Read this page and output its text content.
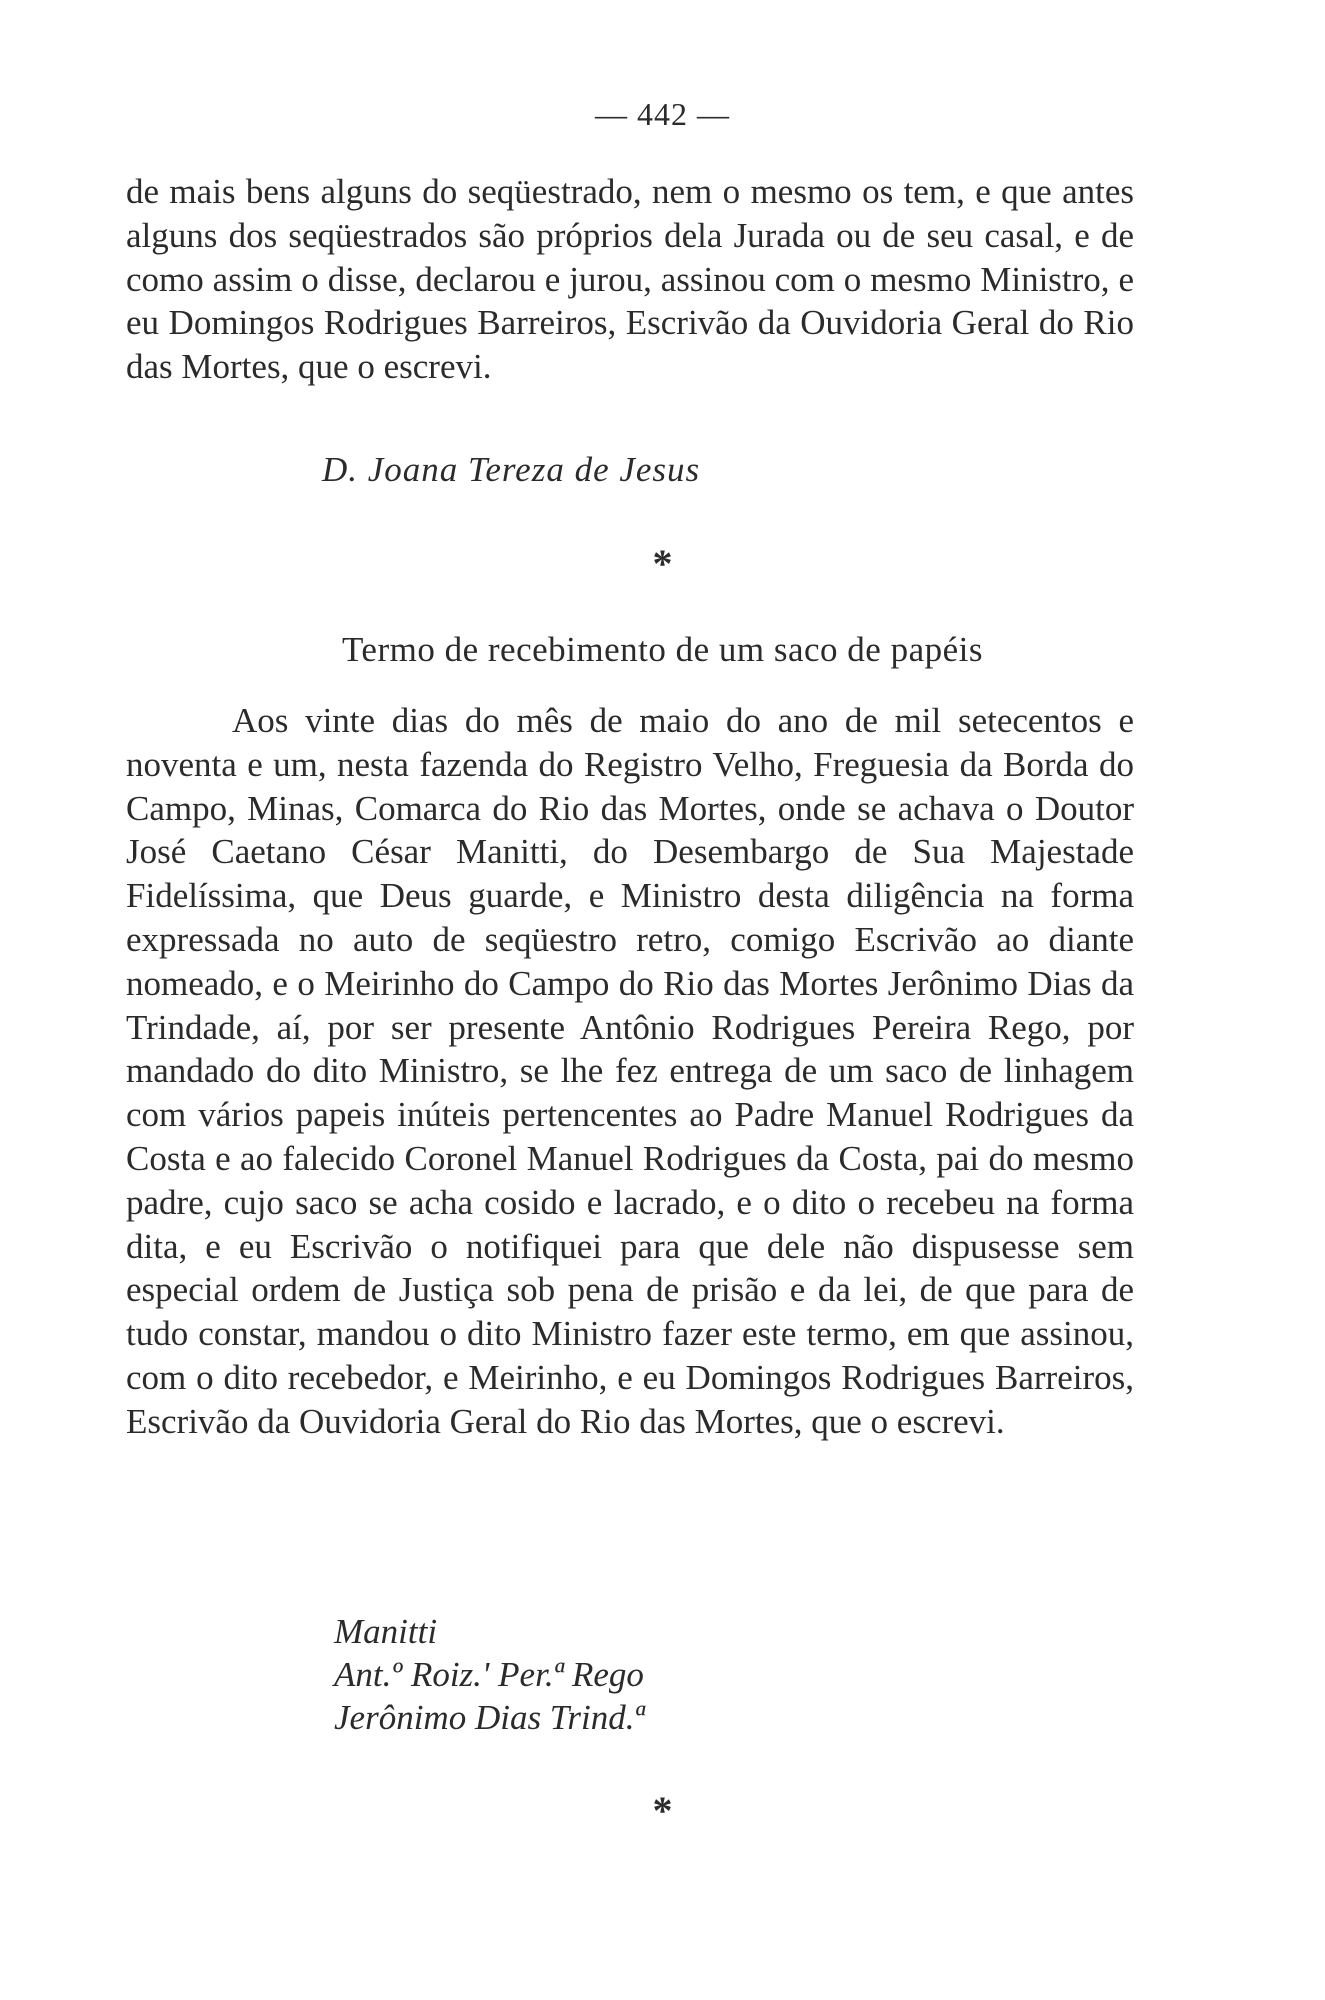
— 442 —

de mais bens alguns do seqüestrado, nem o mesmo os tem, e que antes alguns dos seqüestrados são próprios dela Jurada ou de seu casal, e de como assim o disse, declarou e jurou, assinou com o mesmo Ministro, e eu Domingos Rodrigues Barreiros, Escrivão da Ouvidoria Geral do Rio das Mortes, que o escrevi.

D. Joana Tereza de Jesus
*
Termo de recebimento de um saco de papéis

Aos vinte dias do mês de maio do ano de mil setecentos e noventa e um, nesta fazenda do Registro Velho, Freguesia da Borda do Campo, Minas, Comarca do Rio das Mortes, onde se achava o Doutor José Caetano César Manitti, do Desembargo de Sua Majestade Fidelíssima, que Deus guarde, e Ministro desta diligência na forma expressada no auto de seqüestro retro, comigo Escrivão ao diante nomeado, e o Meirinho do Campo do Rio das Mortes Jerônimo Dias da Trindade, aí, por ser presente Antônio Rodrigues Pereira Rego, por mandado do dito Ministro, se lhe fez entrega de um saco de linhagem com vários papeis inúteis pertencentes ao Padre Manuel Rodrigues da Costa e ao falecido Coronel Manuel Rodrigues da Costa, pai do mesmo padre, cujo saco se acha cosido e lacrado, e o dito o recebeu na forma dita, e eu Escrivão o notifiquei para que dele não dispusesse sem especial ordem de Justiça sob pena de prisão e da lei, de que para de tudo constar, mandou o dito Ministro fazer este termo, em que assinou, com o dito recebedor, e Meirinho, e eu Domingos Rodrigues Barreiros, Escrivão da Ouvidoria Geral do Rio das Mortes, que o escrevi.

Manitti
Ant.º Roiz.' Per.ª Rego
Jerônimo Dias Trind.ª
*
